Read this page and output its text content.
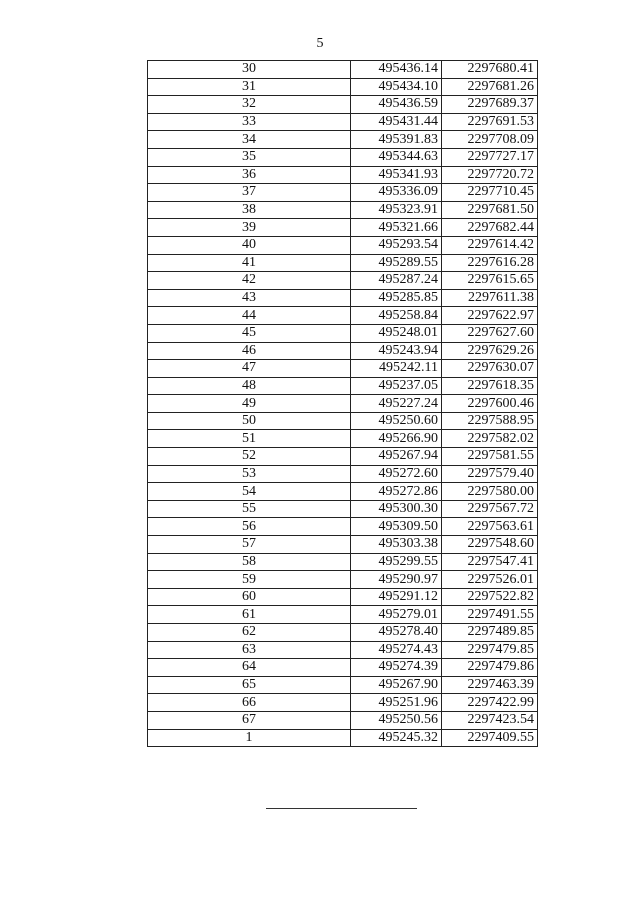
5
30	495436.14	2297680.41
31	495434.10	2297681.26
32	495436.59	2297689.37
33	495431.44	2297691.53
34	495391.83	2297708.09
35	495344.63	2297727.17
36	495341.93	2297720.72
37	495336.09	2297710.45
38	495323.91	2297681.50
39	495321.66	2297682.44
40	495293.54	2297614.42
41	495289.55	2297616.28
42	495287.24	2297615.65
43	495285.85	2297611.38
44	495258.84	2297622.97
45	495248.01	2297627.60
46	495243.94	2297629.26
47	495242.11	2297630.07
48	495237.05	2297618.35
49	495227.24	2297600.46
50	495250.60	2297588.95
51	495266.90	2297582.02
52	495267.94	2297581.55
53	495272.60	2297579.40
54	495272.86	2297580.00
55	495300.30	2297567.72
56	495309.50	2297563.61
57	495303.38	2297548.60
58	495299.55	2297547.41
59	495290.97	2297526.01
60	495291.12	2297522.82
61	495279.01	2297491.55
62	495278.40	2297489.85
63	495274.43	2297479.85
64	495274.39	2297479.86
65	495267.90	2297463.39
66	495251.96	2297422.99
67	495250.56	2297423.54
1	495245.32	2297409.55
